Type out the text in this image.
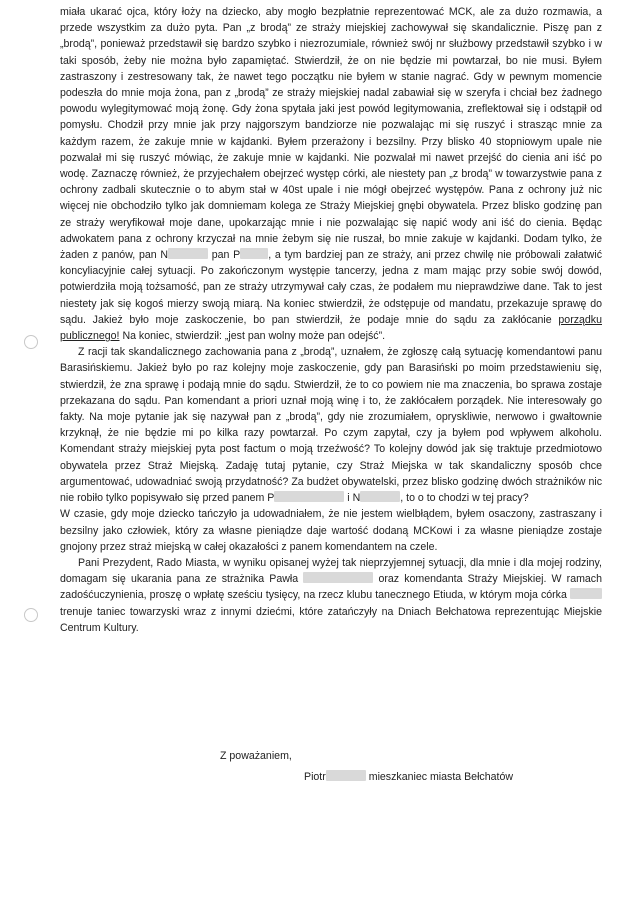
miała ukarać ojca, który łoży na dziecko, aby mogło bezpłatnie reprezentować MCK, ale za dużo rozmawia, a przede wszystkim za dużo pyta. Pan „z brodą” ze straży miejskiej zachowywał się skandalicznie. Piszę pan z „brodą”, ponieważ przedstawił się bardzo szybko i niezrozumiale, również swój nr służbowy przedstawił szybko i w taki sposób, żeby nie można było zapamiętać. Stwierdził, że on nie będzie mi powtarzał, bo nie musi. Byłem zastraszony i zestresowany tak, że nawet tego początku nie byłem w stanie nagrać. Gdy w pewnym momencie podeszła do mnie moja żona, pan z „brodą” ze straży miejskiej nadal zabawiał się w szeryfa i chciał bez żadnego powodu wylegitymować moją żonę. Gdy żona spytała jaki jest powód legitymowania, zreflektował się i odstąpił od pomysłu. Chodził przy mnie jak przy najgorszym bandziorze nie pozwalając mi się ruszyć i strasząc mnie za każdym razem, że zakuje mnie w kajdanki. Byłem przerażony i bezsilny. Przy blisko 40 stopniowym upale nie pozwalał mi się ruszyć mówiąc, że zakuje mnie w kajdanki. Nie pozwalał mi nawet przejść do cienia ani iść po wodę. Zaznaczę również, że przyjechałem obejrzeć występ córki, ale niestety pan „z brodą” w towarzystwie pana z ochrony zadbali skutecznie o to abym stał w 40st upale i nie mógł obejrzeć występów. Pana z ochrony już nic więcej nie obchodziło tylko jak domniemam kolega ze Straży Miejskiej gnębi obywatela. Przez blisko godzinę pan ze straży weryfikował moje dane, upokarzając mnie i nie pozwalając się napić wody ani iść do cienia. Będąc adwokatem pana z ochrony krzyczał na mnie żebym się nie ruszał, bo mnie zakuje w kajdanki. Dodam tylko, że żaden z panów, pan N	pan P	, a tym bardziej pan ze straży, ani przez chwilę nie próbowali załatwić koncyliacyjnie całej sytuacji. Po zakończonym występie tancerzy, jedna z mam mając przy sobie swój dowód, potwierdziła moją tożsamość, pan ze straży utrzymywał cały czas, że podałem mu nieprawdziwe dane. Tak to jest niestety jak się kogoś mierzy swoją miarą. Na koniec stwierdził, że odstępuje od mandatu, przekazuje sprawę do sądu. Jakież było moje zaskoczenie, bo pan stwierdził, że podaje mnie do sądu za zakłócanie porządku publicznego! Na koniec, stwierdził: „jest pan wolny może pan odejść”.

Z racji tak skandalicznego zachowania pana z „brodą”, uznałem, że zgłoszę całą sytuację komendantowi panu Barasińskiemu. Jakież było po raz kolejny moje zaskoczenie, gdy pan Barasiński po moim przedstawieniu się, stwierdził, że zna sprawę i podają mnie do sądu. Stwierdził, że to co powiem nie ma znaczenia, bo sprawa zostaje przekazana do sądu. Pan komendant a priori uznał moją winę i to, że zakłócałem porządek. Nie interesowały go fakty. Na moje pytanie jak się nazywał pan z „brodą”, gdy nie zrozumiałem, opryskliwie, nerwowo i gwałtownie krzyknął, że nie będzie mi po kilka razy powtarzał. Po czym zapytał, czy ja byłem pod wpływem alkoholu. Komendant straży miejskiej pyta post factum o moją trzeźwość? To kolejny dowód jak się traktuje przedmiotowo obywatela przez Straż Miejską. Zadaję tutaj pytanie, czy Straż Miejska w tak skandaliczny sposób chce argumentować, udowadniać swoją przydatność? Za budżet obywatelski, przez blisko godzinę dwóch strażników nic nie robiło tylko popisywało się przed panem P	i N	, to o to chodzi w tej pracy?

W czasie, gdy moje dziecko tańczyło ja udowadniałem, że nie jestem wielbłądem, byłem osaczony, zastraszany i bezsilny jako człowiek, który za własne pieniądze daje wartość dodaną MCKowi i za własne pieniądze zostaje gnojony przez straż miejską w całej okazałości z panem komendantem na czele.

Pani Prezydent, Rado Miasta, w wyniku opisanej wyżej tak nieprzyjemnej sytuacji, dla mnie i dla mojej rodziny, domagam się ukarania pana ze strażnika Pawła	oraz komendanta Straży Miejskiej. W ramach zadośćuczynienia, proszę o wpłatę sześciu tysięcy, na rzecz klubu tanecznego Etiuda, w którym moja córka  trenuje taniec towarzyski wraz z innymi dziećmi, które zatańczyły na Dniach Bełchatowa reprezentując Miejskie Centrum Kultury.

Z poważaniem,
Piotr	mieszkaniec miasta Bełchatów
